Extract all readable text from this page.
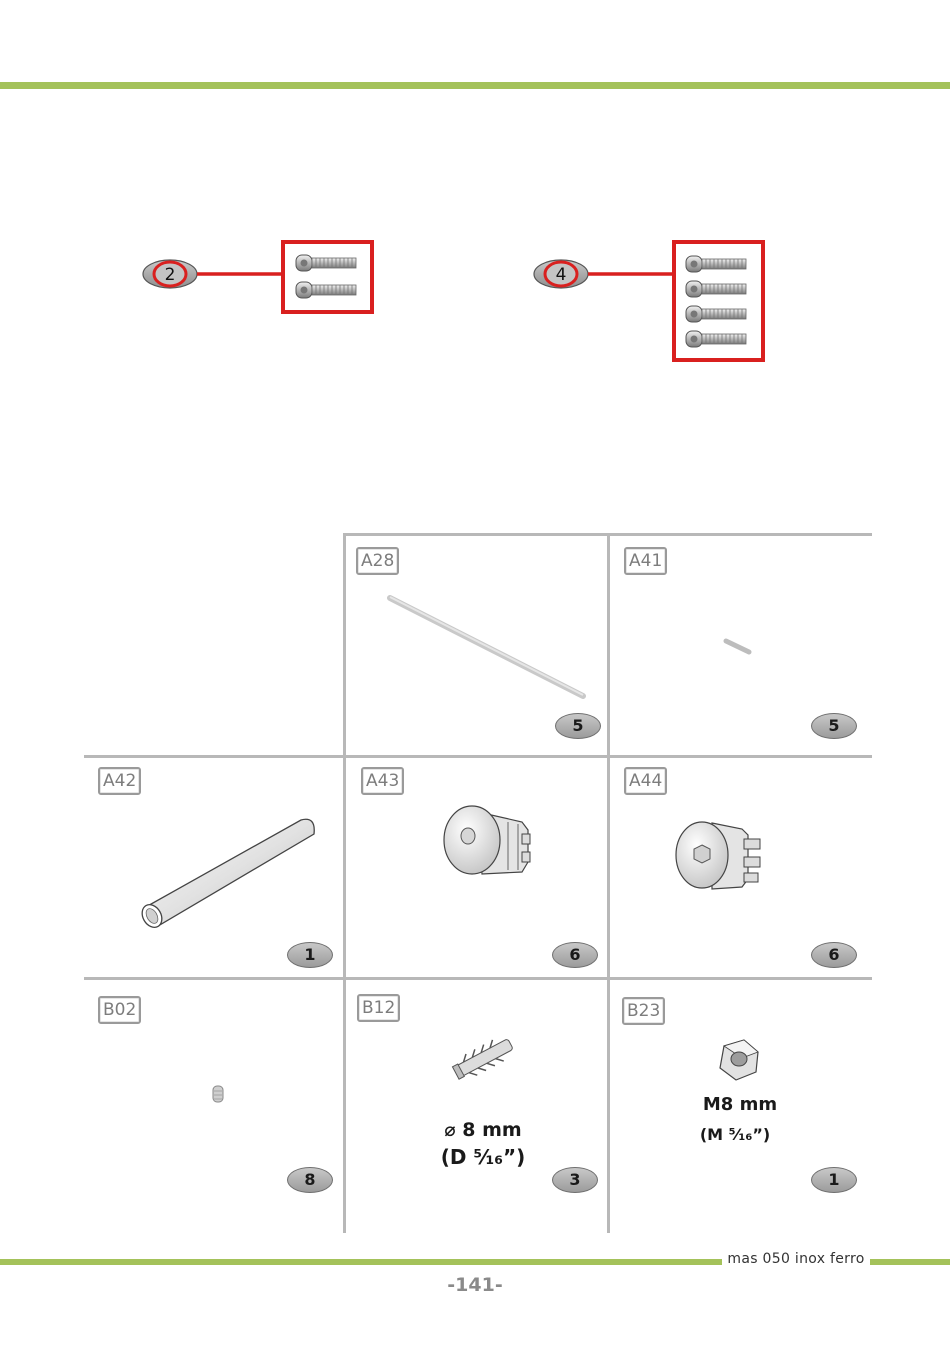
2	4
A28
5
A41
5
A42
1
A43
6
A44
6
B02
8
B12
⌀ 8 mm
(D ⁵⁄₁₆”)
3
B23
M8 mm
(M ⁵⁄₁₆”)
1
mas 050 inox ferro
-141-
